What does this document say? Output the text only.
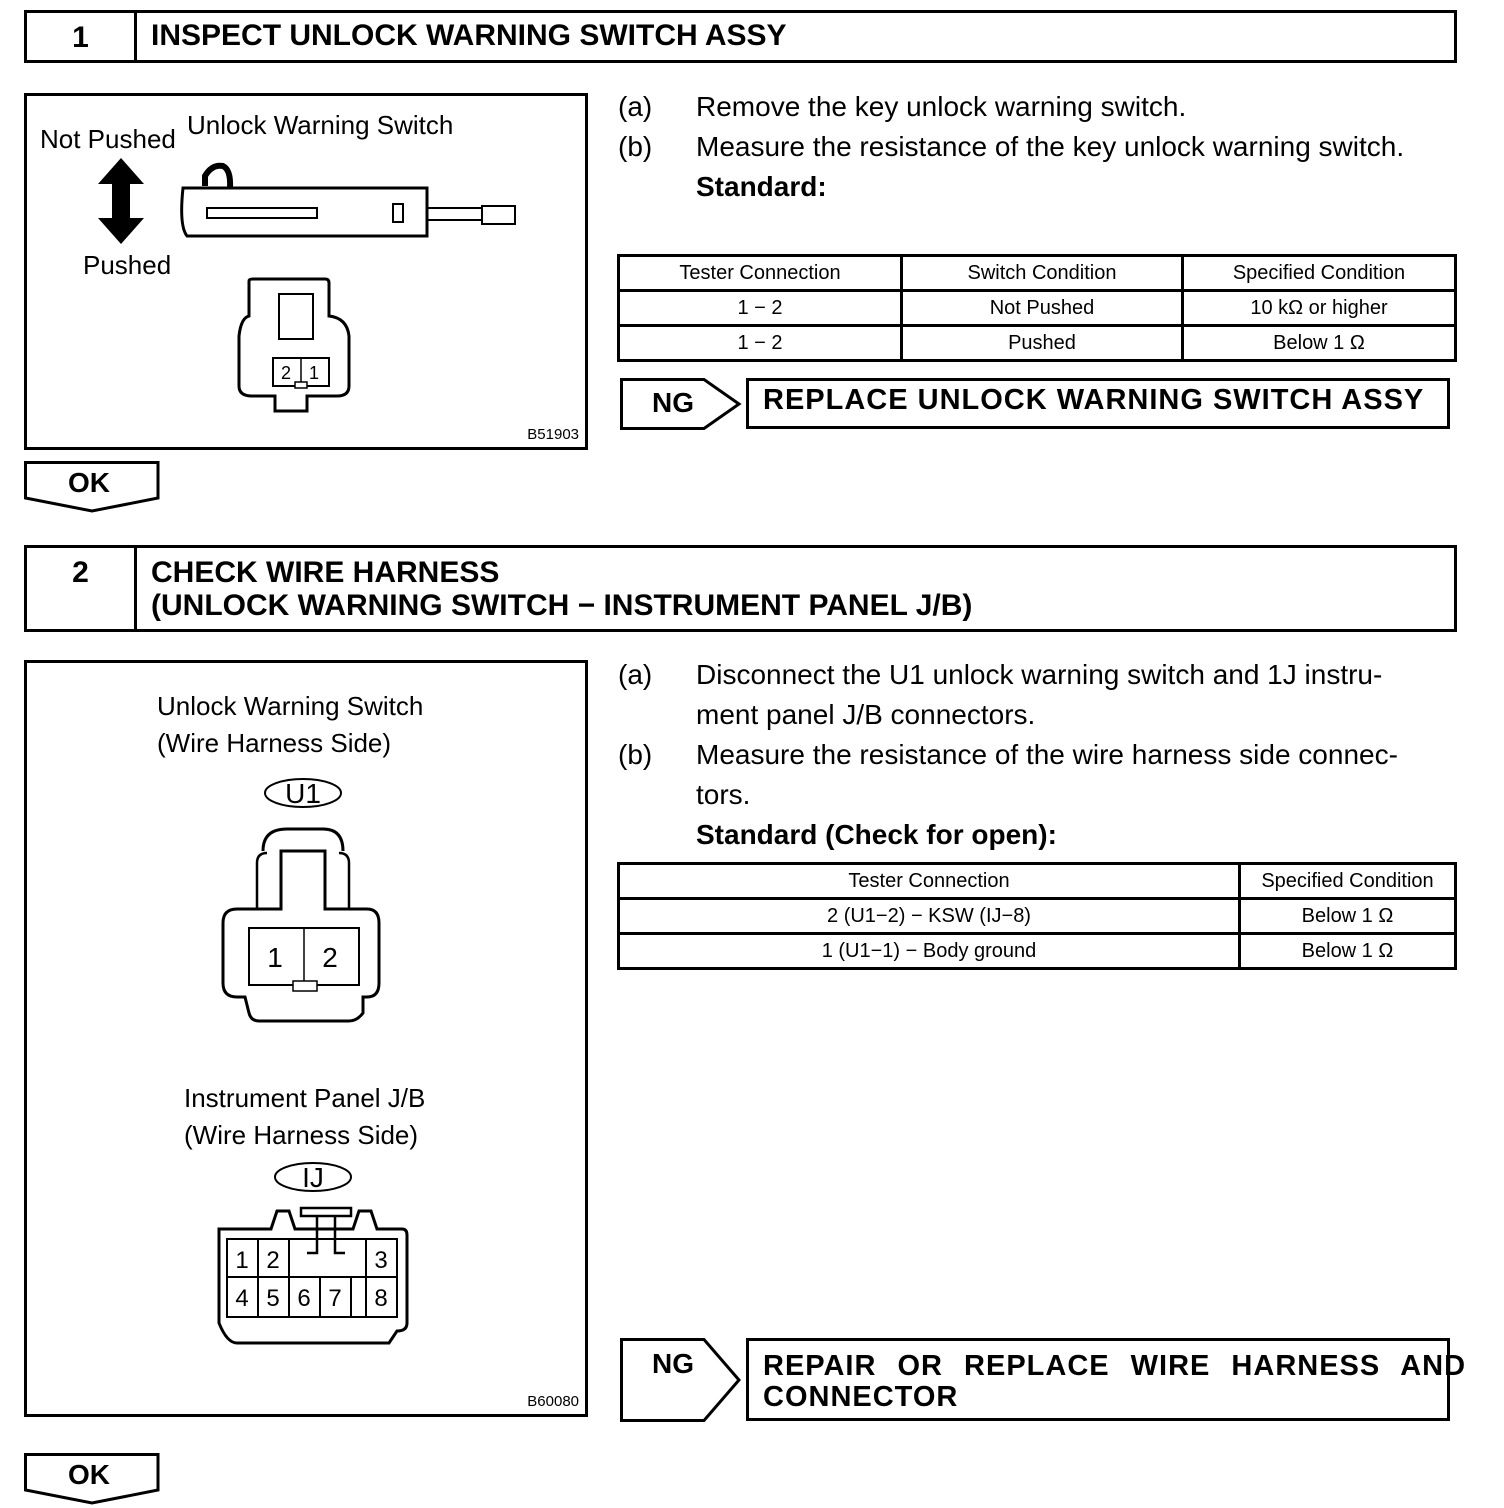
1	INSPECT UNLOCK WARNING SWITCH ASSY
Unlock Warning Switch
Not Pushed
Pushed
2 1
B51903
(a) Remove the key unlock warning switch.
(b) Measure the resistance of the key unlock warning switch.
Standard:
Tester Connection	Switch Condition	Specified Condition
1 − 2	Not Pushed	10 kΩ or higher
1 − 2	Pushed	Below 1 Ω
NG	REPLACE UNLOCK WARNING SWITCH ASSY
OK
2	CHECK WIRE HARNESS
(UNLOCK WARNING SWITCH − INSTRUMENT PANEL J/B)
Unlock Warning Switch
(Wire Harness Side)
Instrument Panel J/B
(Wire Harness Side)
U1
1 2
IJ
1 2	3
4 5 6 7 8
B60080
(a) Disconnect the U1 unlock warning switch and 1J instru-
ment panel J/B connectors.
(b) Measure the resistance of the wire harness side connec-
tors.
Standard (Check for open):
Tester Connection	Specified Condition
2 (U1−2) − KSW (IJ−8)	Below 1 Ω
1 (U1−1) − Body ground	Below 1 Ω
NG REPAIR OR REPLACE WIRE HARNESS AND
CONNECTOR
OK
